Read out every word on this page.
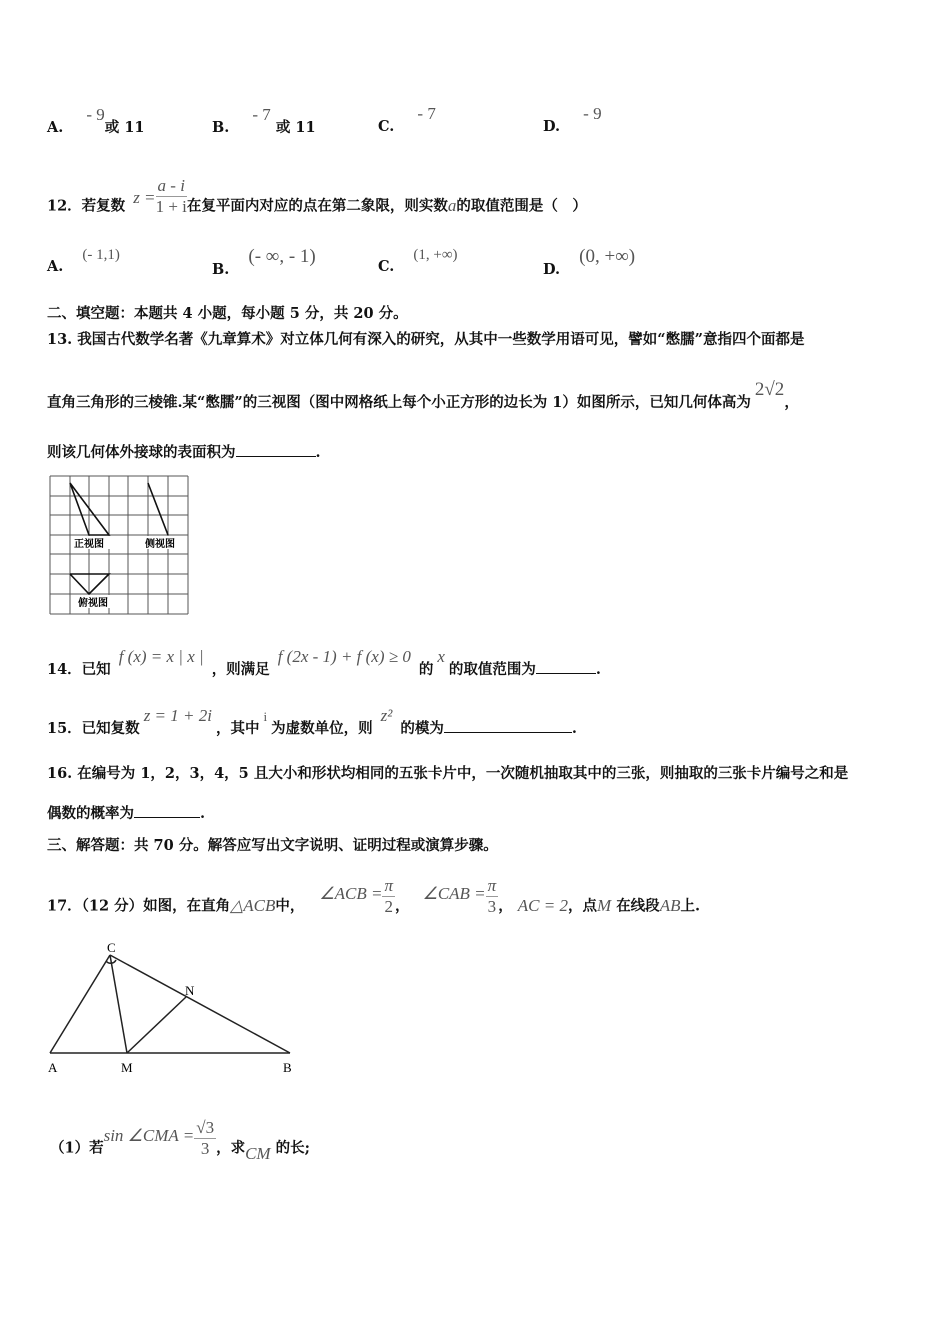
A. - 9或 11	B. - 7 或 11	C. - 7
D. - 9
12．若复数 $z = \frac{a - i}{1 + i}$ 在复平面内对应的点在第二象限，则实数a的取值范围是（　）
A. (- 1,1)
B. (- ∞, - 1)	C. (1, +∞)
D. (0, +∞)
二、填空题：本题共 4 小题，每小题 5 分，共 20 分。
13. 我国古代数学名著《九章算术》对立体几何有深入的研究，从其中一些数学用语可见，譬如“憋臑”意指四个面都是
直角三角形的三棱锥.某“憋臑”的三视图（图中网格纸上每个小正方形的边长为 1）如图所示，已知几何体高为2√2，
则该几何体外接球的表面积为	.
正视图	侧视图
俯视图
14．已知f (x) = x | x |，则满足f (2x - 1) + f (x) ≥ 0的x的取值范围为	.
15．已知复数z = 1 + 2i，其中i为虚数单位，则z²的模为	.
16. 在编号为 1，2，3，4，5 且大小和形状均相同的五张卡片中，一次随机抽取其中的三张，则抽取的三张卡片编号之和是
偶数的概率为	.
三、解答题：共 70 分。解答应写出文字说明、证明过程或演算步骤。
17．（12 分）如图，在直角△ACB中， ∠ACB = $\frac{\pi}{2}$ ， ∠CAB = $\frac{\pi}{3}$ ， AC = 2，点M 在线段AB上.
A	M	B
C
N
（1）若sin ∠CMA = $\frac{√3}{3}$ ，求CM 的长;
